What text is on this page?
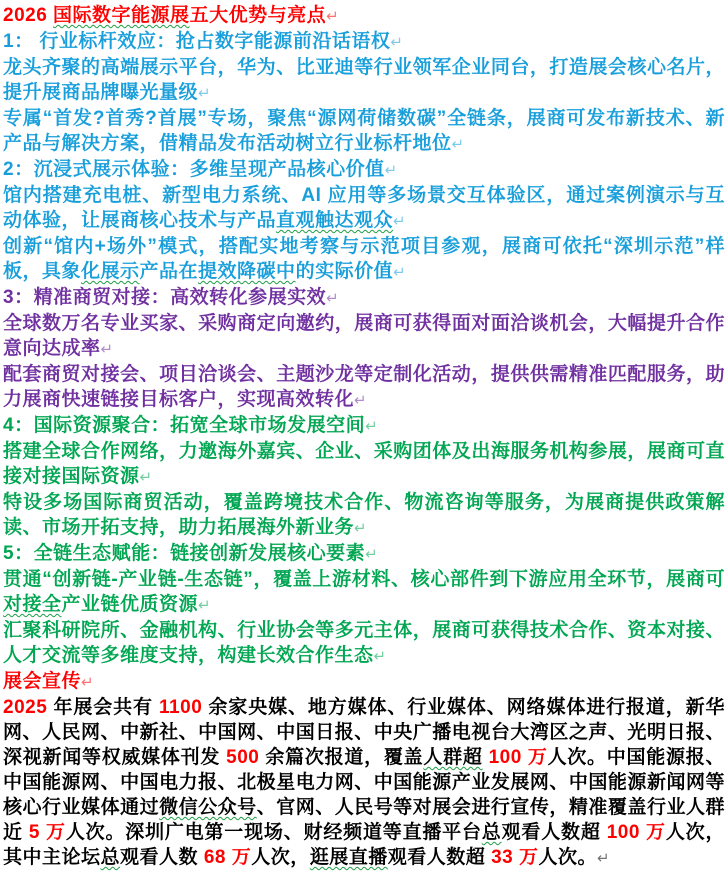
2026 国际数字能源展五大优势与亮点↵

1： 行业标杆效应：抢占数字能源前沿话语权↵

龙头齐聚的高端展示平台，华为、比亚迪等行业领军企业同台，打造展会核心名片，提升展商品牌曝光量级↵

专属“首发?首秀?首展”专场，聚焦“源网荷储数碳”全链条，展商可发布新技术、新产品与解决方案，借精品发布活动树立行业标杆地位↵

2：沉浸式展示体验：多维呈现产品核心价值↵

馆内搭建充电桩、新型电力系统、AI 应用等多场景交互体验区，通过案例演示与互动体验，让展商核心技术与产品直观触达观众↵

创新“馆内+场外”模式，搭配实地考察与示范项目参观，展商可依托“深圳示范”样板，具象化展示产品在提效降碳中的实际价值↵

3：精准商贸对接：高效转化参展实效↵

全球数万名专业买家、采购商定向邀约，展商可获得面对面洽谈机会，大幅提升合作意向达成率↵

配套商贸对接会、项目洽谈会、主题沙龙等定制化活动，提供供需精准匹配服务，助力展商快速链接目标客户，实现高效转化↵

4：国际资源聚合：拓宽全球市场发展空间↵

搭建全球合作网络，力邀海外嘉宾、企业、采购团体及出海服务机构参展，展商可直接对接国际资源↵

特设多场国际商贸活动，覆盖跨境技术合作、物流咨询等服务，为展商提供政策解读、市场开拓支持，助力拓展海外新业务↵

5：全链生态赋能：链接创新发展核心要素↵

贯通“创新链-产业链-生态链”，覆盖上游材料、核心部件到下游应用全环节，展商可对接全产业链优质资源↵

汇聚科研院所、金融机构、行业协会等多元主体，展商可获得技术合作、资本对接、人才交流等多维度支持，构建长效合作生态↵

展会宣传↵

2025 年展会共有 1100 余家央媒、地方媒体、行业媒体、网络媒体进行报道，新华网、人民网、中新社、中国网、中国日报、中央广播电视台大湾区之声、光明日报、深视新闻等权威媒体刊发 500 余篇次报道，覆盖人群超 100 万人次。中国能源报、中国能源网、中国电力报、北极星电力网、中国能源产业发展网、中国能源新闻网等核心行业媒体通过微信公众号、官网、人民号等对展会进行宣传，精准覆盖行业人群近 5 万人次。深圳广电第一现场、财经频道等直播平台总观看人数超 100 万人次，其中主论坛总观看人数 68 万人次，逛展直播观看人数超 33 万人次。↵
